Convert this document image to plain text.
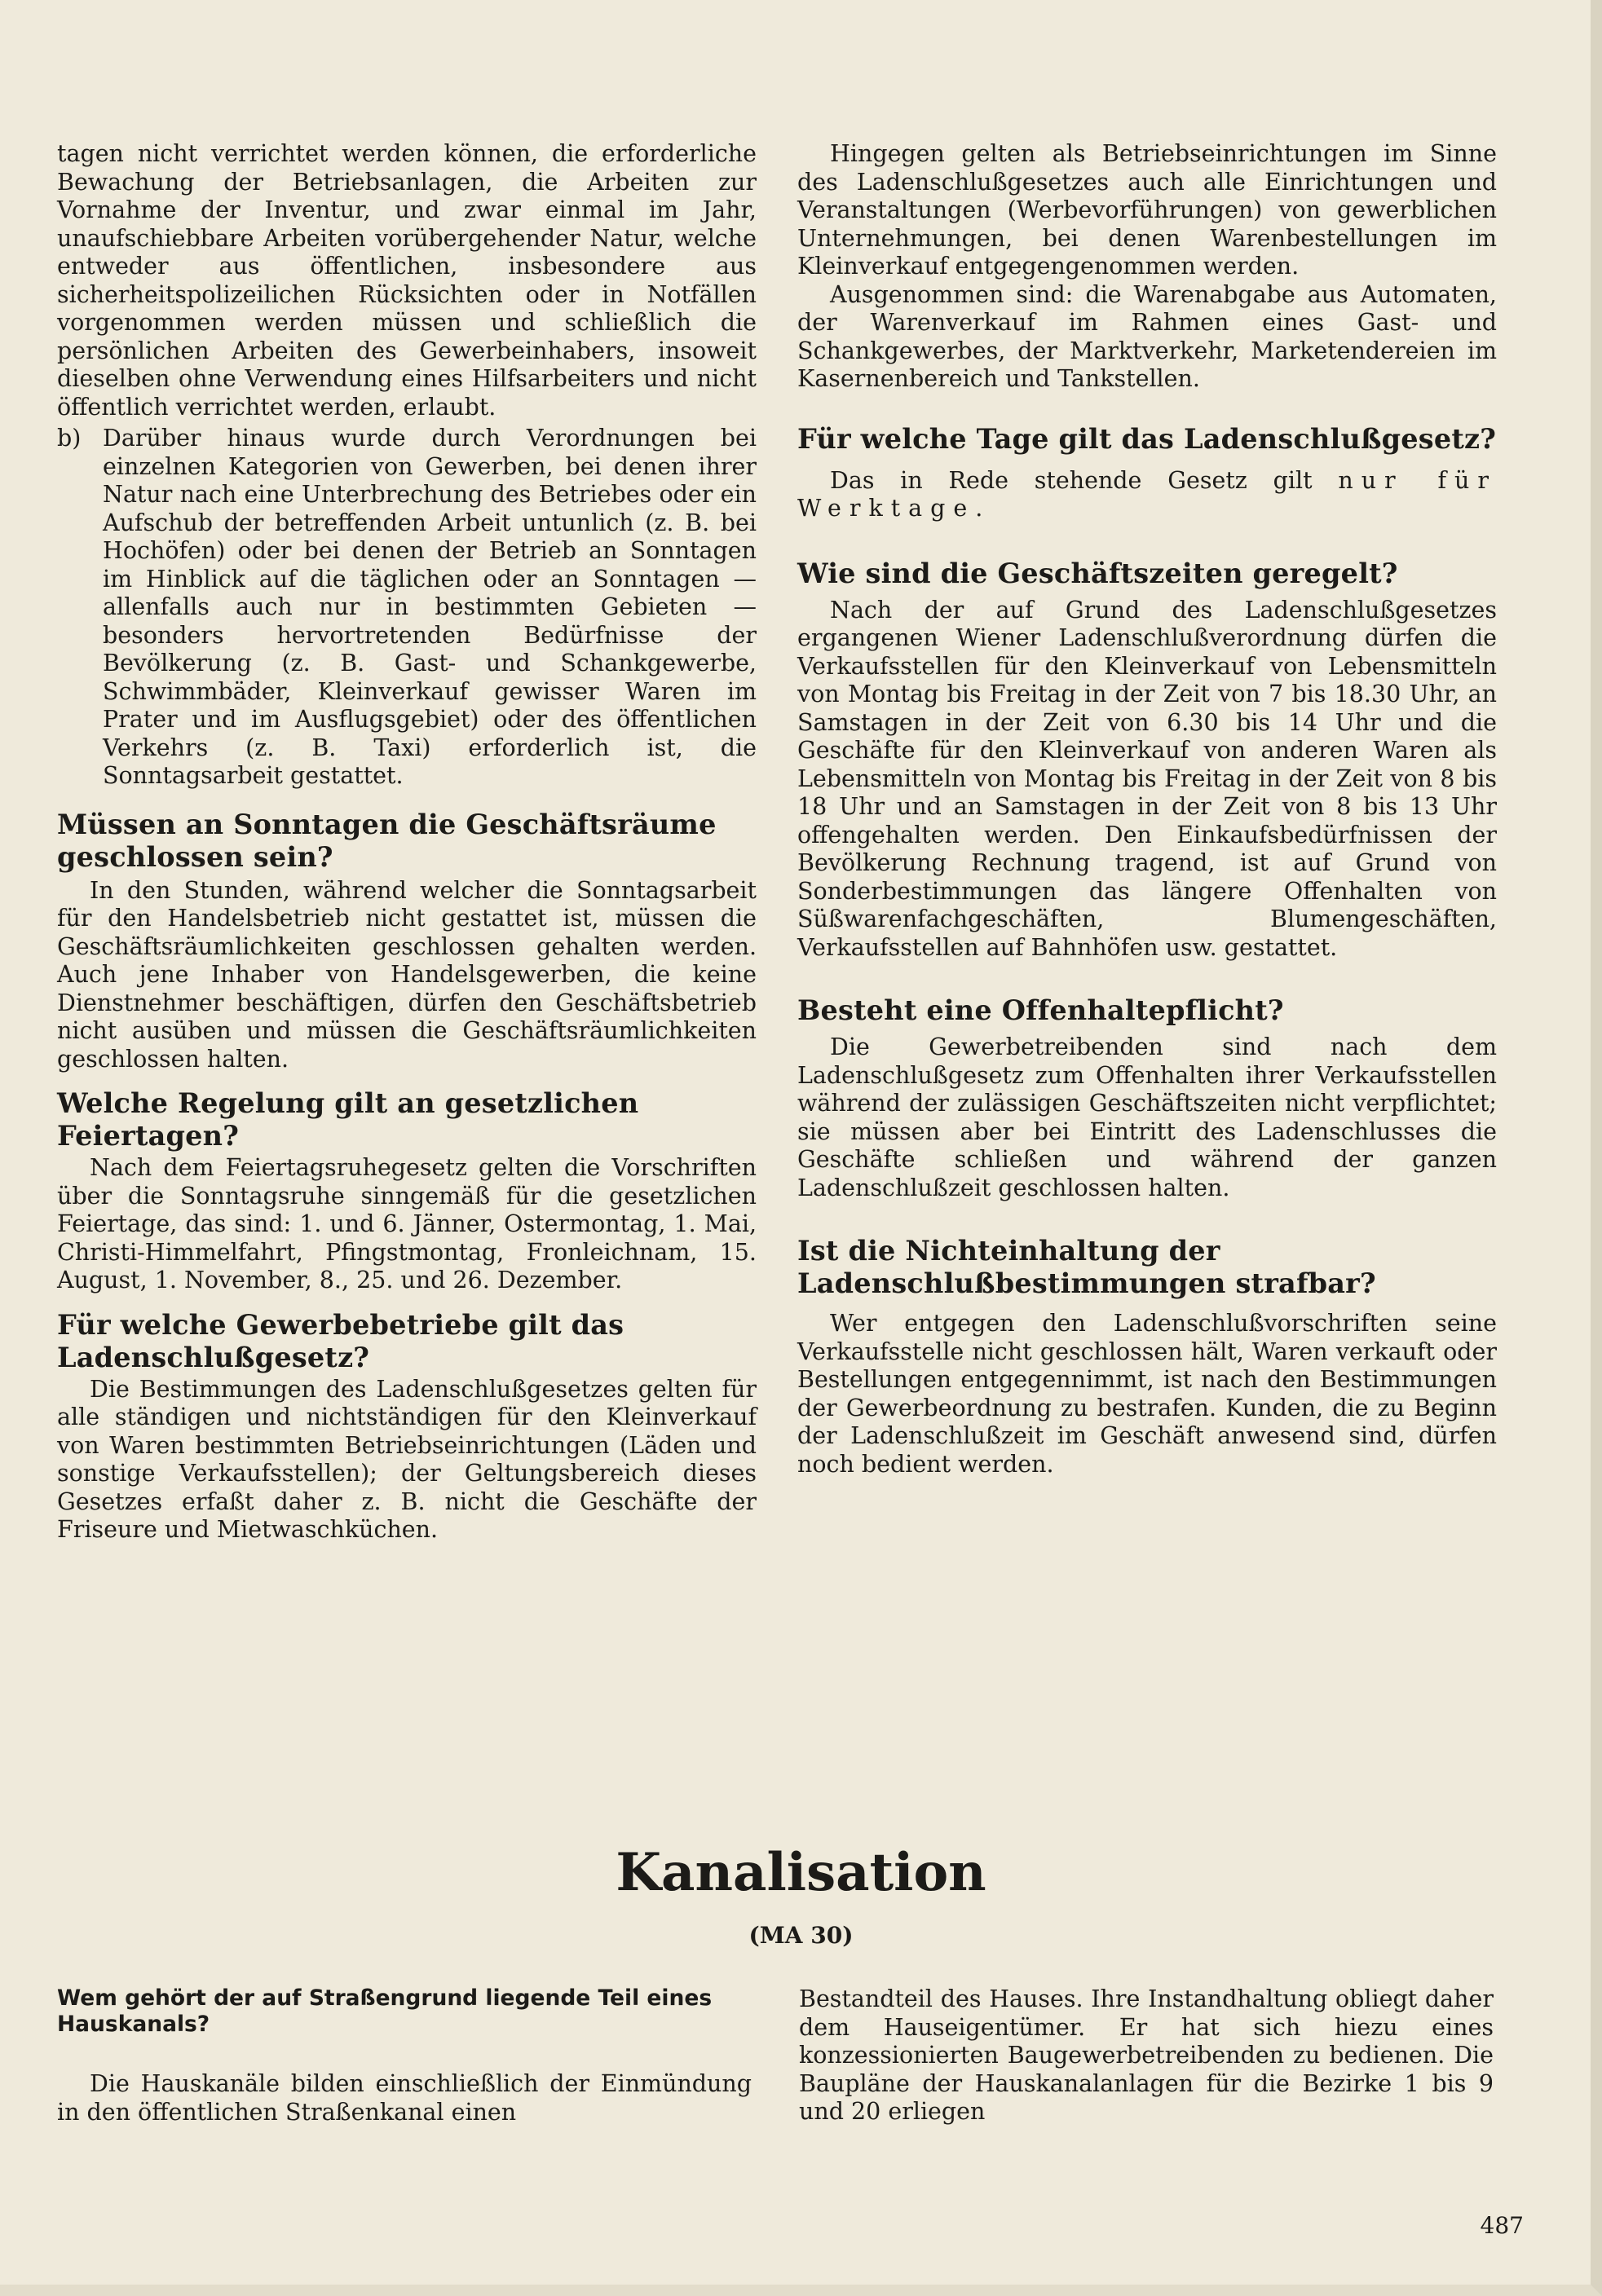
tagen nicht verrichtet werden können, die erforderliche Bewachung der Betriebsanlagen, die Arbeiten zur Vornahme der Inventur, und zwar einmal im Jahr, unaufschiebbare Arbeiten vorübergehender Natur, welche entweder aus öffentlichen, insbesondere aus sicherheitspolizeilichen Rücksichten oder in Notfällen vorgenommen werden müssen und schließlich die persönlichen Arbeiten des Gewerbeinhabers, insoweit dieselben ohne Verwendung eines Hilfsarbeiters und nicht öffentlich verrichtet werden, erlaubt.

b) Darüber hinaus wurde durch Verordnungen bei einzelnen Kategorien von Gewerben, bei denen ihrer Natur nach eine Unterbrechung des Betriebes oder ein Aufschub der betreffenden Arbeit untunlich (z. B. bei Hochöfen) oder bei denen der Betrieb an Sonntagen im Hinblick auf die täglichen oder an Sonntagen — allenfalls auch nur in bestimmten Gebieten — besonders hervortretenden Bedürfnisse der Bevölkerung (z. B. Gast- und Schankgewerbe, Schwimmbäder, Kleinverkauf gewisser Waren im Prater und im Ausflugsgebiet) oder des öffentlichen Verkehrs (z. B. Taxi) erforderlich ist, die Sonntagsarbeit gestattet.

Müssen an Sonntagen die Geschäftsräume geschlossen sein?

In den Stunden, während welcher die Sonntagsarbeit für den Handelsbetrieb nicht gestattet ist, müssen die Geschäftsräumlichkeiten geschlossen gehalten werden. Auch jene Inhaber von Handelsgewerben, die keine Dienstnehmer beschäftigen, dürfen den Geschäftsbetrieb nicht ausüben und müssen die Geschäftsräumlichkeiten geschlossen halten.

Welche Regelung gilt an gesetzlichen Feiertagen?

Nach dem Feiertagsruhegesetz gelten die Vorschriften über die Sonntagsruhe sinngemäß für die gesetzlichen Feiertage, das sind: 1. und 6. Jänner, Ostermontag, 1. Mai, Christi-Himmelfahrt, Pfingstmontag, Fronleichnam, 15. August, 1. November, 8., 25. und 26. Dezember.

Für welche Gewerbebetriebe gilt das Ladenschlußgesetz?

Die Bestimmungen des Ladenschlußgesetzes gelten für alle ständigen und nichtständigen für den Kleinverkauf von Waren bestimmten Betriebseinrichtungen (Läden und sonstige Verkaufsstellen); der Geltungsbereich dieses Gesetzes erfaßt daher z. B. nicht die Geschäfte der Friseure und Mietwaschküchen.

Hingegen gelten als Betriebseinrichtungen im Sinne des Ladenschlußgesetzes auch alle Einrichtungen und Veranstaltungen (Werbevorführungen) von gewerblichen Unternehmungen, bei denen Warenbestellungen im Kleinverkauf entgegengenommen werden.

Ausgenommen sind: die Warenabgabe aus Automaten, der Warenverkauf im Rahmen eines Gast- und Schankgewerbes, der Marktverkehr, Marketendereien im Kasernenbereich und Tankstellen.

Für welche Tage gilt das Ladenschlußgesetz?

Das in Rede stehende Gesetz gilt nur für Werktage.

Wie sind die Geschäftszeiten geregelt?

Nach der auf Grund des Ladenschlußgesetzes ergangenen Wiener Ladenschlußverordnung dürfen die Verkaufsstellen für den Kleinverkauf von Lebensmitteln von Montag bis Freitag in der Zeit von 7 bis 18.30 Uhr, an Samstagen in der Zeit von 6.30 bis 14 Uhr und die Geschäfte für den Kleinverkauf von anderen Waren als Lebensmitteln von Montag bis Freitag in der Zeit von 8 bis 18 Uhr und an Samstagen in der Zeit von 8 bis 13 Uhr offengehalten werden. Den Einkaufsbedürfnissen der Bevölkerung Rechnung tragend, ist auf Grund von Sonderbestimmungen das längere Offenhalten von Süßwarenfachgeschäften, Blumengeschäften, Verkaufsstellen auf Bahnhöfen usw. gestattet.

Besteht eine Offenhaltepflicht?

Die Gewerbetreibenden sind nach dem Ladenschlußgesetz zum Offenhalten ihrer Verkaufsstellen während der zulässigen Geschäftszeiten nicht verpflichtet; sie müssen aber bei Eintritt des Ladenschlusses die Geschäfte schließen und während der ganzen Ladenschlußzeit geschlossen halten.

Ist die Nichteinhaltung der Ladenschlußbestimmungen strafbar?

Wer entgegen den Ladenschlußvorschriften seine Verkaufsstelle nicht geschlossen hält, Waren verkauft oder Bestellungen entgegennimmt, ist nach den Bestimmungen der Gewerbeordnung zu bestrafen. Kunden, die zu Beginn der Ladenschlußzeit im Geschäft anwesend sind, dürfen noch bedient werden.

Kanalisation
(MA 30)
Wem gehört der auf Straßengrund liegende Teil eines Hauskanals?

Die Hauskanäle bilden einschließlich der Einmündung in den öffentlichen Straßenkanal einen

Bestandteil des Hauses. Ihre Instandhaltung obliegt daher dem Hauseigentümer. Er hat sich hiezu eines konzessionierten Baugewerbetreibenden zu bedienen. Die Baupläne der Hauskanalanlagen für die Bezirke 1 bis 9 und 20 erliegen

487
